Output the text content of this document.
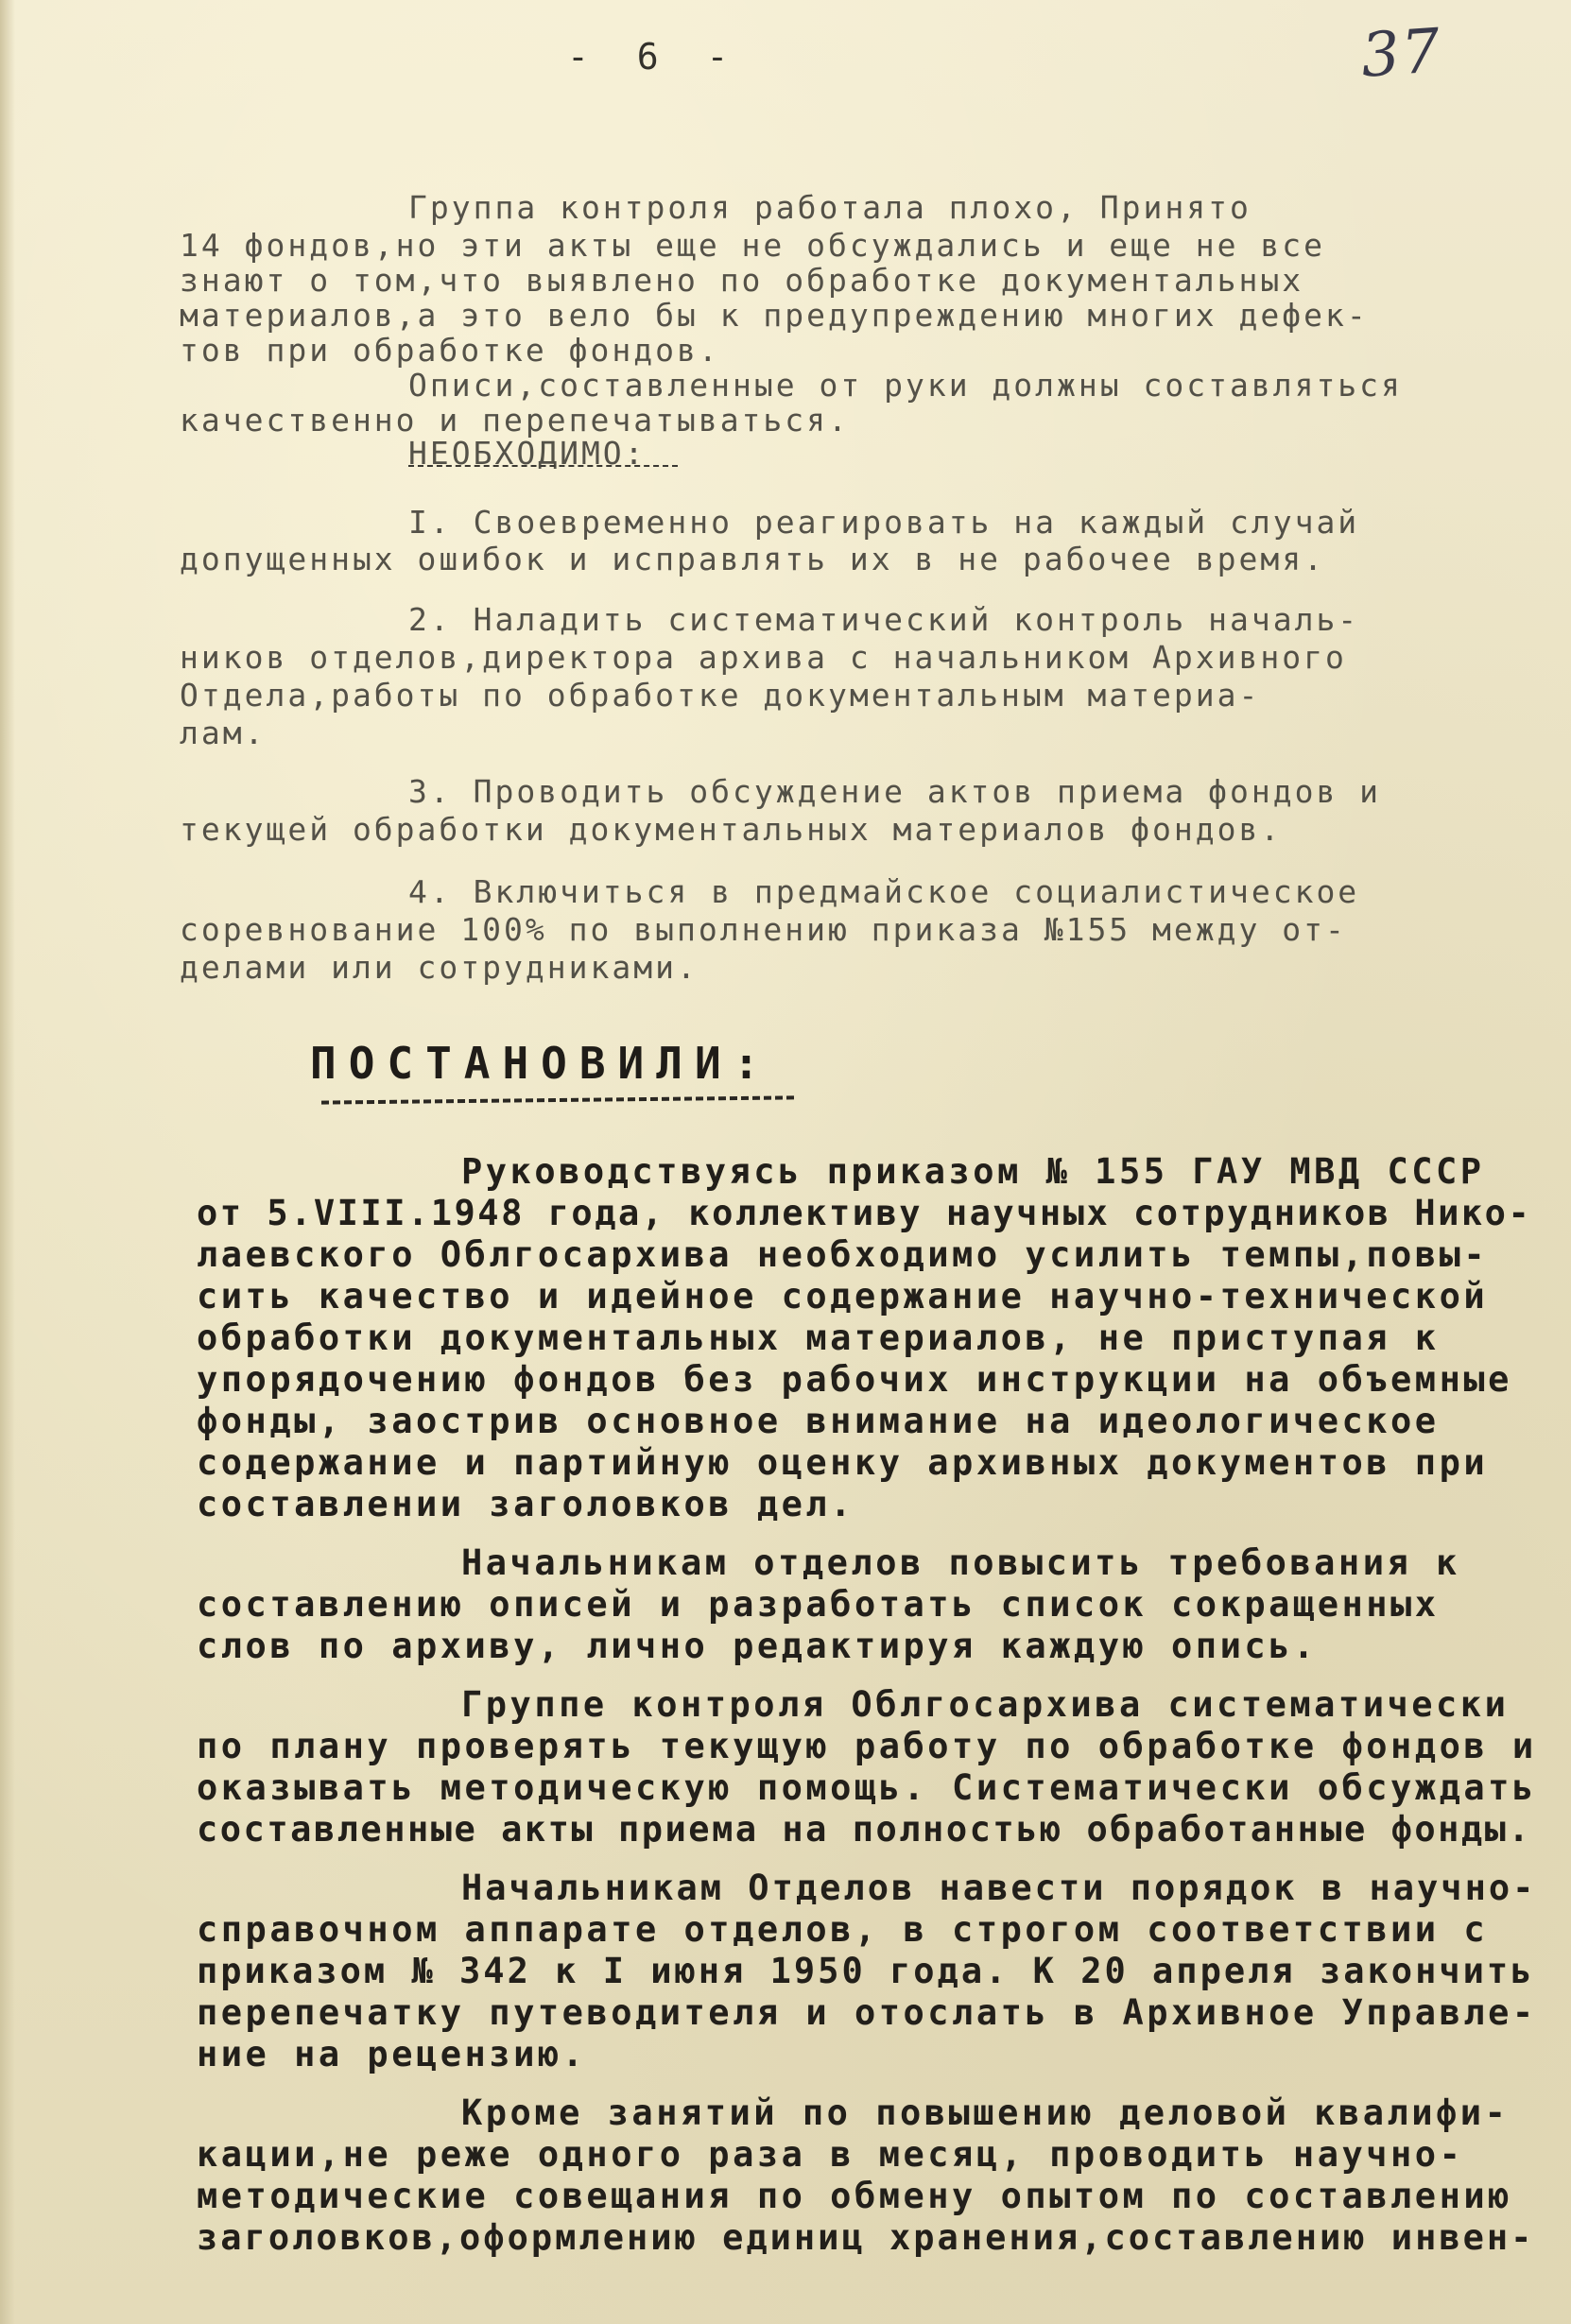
- 6 -	37
Группа контроля работала плохо, Принято
14 фондов,но эти акты еще не обсуждались и еще не все
знают о том,что выявлено по обработке документальных
материалов,а это вело бы к предупреждению многих дефек-
тов при обработке фондов.
Описи,составленные от руки должны составляться
качественно и перепечатываться.
НЕОБХОДИМО:
I. Своевременно реагировать на каждый случай
допущенных ошибок и исправлять их в не рабочее время.
2. Наладить систематический контроль началь-
ников отделов,директора архива с начальником Архивного
Отдела,работы по обработке документальным материа-
лам.
3. Проводить обсуждение актов приема фондов и
текущей обработки документальных материалов фондов.
4. Включиться в предмайское социалистическое
соревнование 100% по выполнению приказа №155 между от-
делами или сотрудниками.
ПОСТАНОВИЛИ:
Руководствуясь приказом № 155 ГАУ МВД СССР
от 5.VIII.1948 года, коллективу научных сотрудников Нико-
лаевского Облгосархива необходимо усилить темпы,повы-
сить качество и идейное содержание научно-технической
обработки документальных материалов, не приступая к
упорядочению фондов без рабочих инструкции на объемные
фонды, заострив основное внимание на идеологическое
содержание и партийную оценку архивных документов при
составлении заголовков дел.
Начальникам отделов повысить требования к
составлению описей и разработать список сокращенных
слов по архиву, лично редактируя каждую опись.
Группе контроля Облгосархива систематически
по плану проверять текущую работу по обработке фондов и
оказывать методическую помощь. Систематически обсуждать
составленные акты приема на полностью обработанные фонды.
Начальникам Отделов навести порядок в научно-
справочном аппарате отделов, в строгом соответствии с
приказом № 342 к I июня 1950 года. К 20 апреля закончить
перепечатку путеводителя и отослать в Архивное Управле-
ние на рецензию.
Кроме занятий по повышению деловой квалифи-
кации,не реже одного раза в месяц, проводить научно-
методические совещания по обмену опытом по составлению
заголовков,оформлению единиц хранения,составлению инвен-
